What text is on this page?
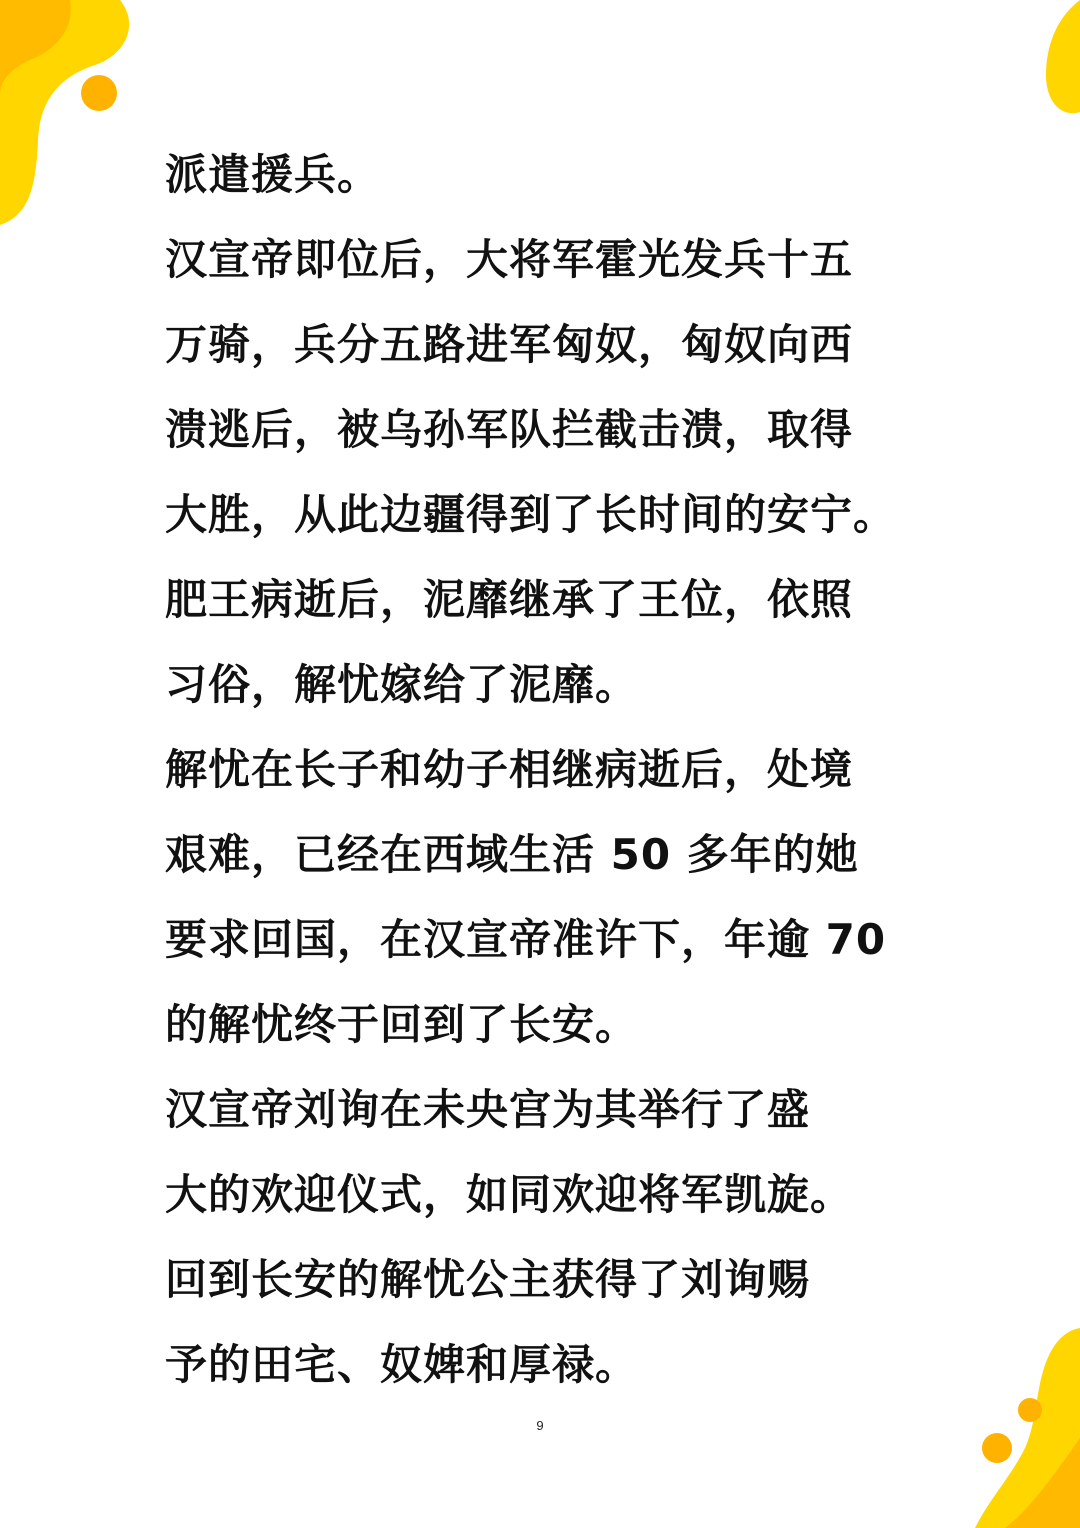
派遣援兵。
汉宣帝即位后，大将军霍光发兵十五
万骑，兵分五路进军匈奴，匈奴向西
溃逃后，被乌孙军队拦截击溃，取得
大胜，从此边疆得到了长时间的安宁。
肥王病逝后，泥靡继承了王位，依照
习俗，解忧嫁给了泥靡。
解忧在长子和幼子相继病逝后，处境
艰难，已经在西域生活 50 多年的她
要求回国，在汉宣帝准许下，年逾 70
的解忧终于回到了长安。
汉宣帝刘询在未央宫为其举行了盛
大的欢迎仪式，如同欢迎将军凯旋。
回到长安的解忧公主获得了刘询赐
予的田宅、奴婢和厚禄。
9
